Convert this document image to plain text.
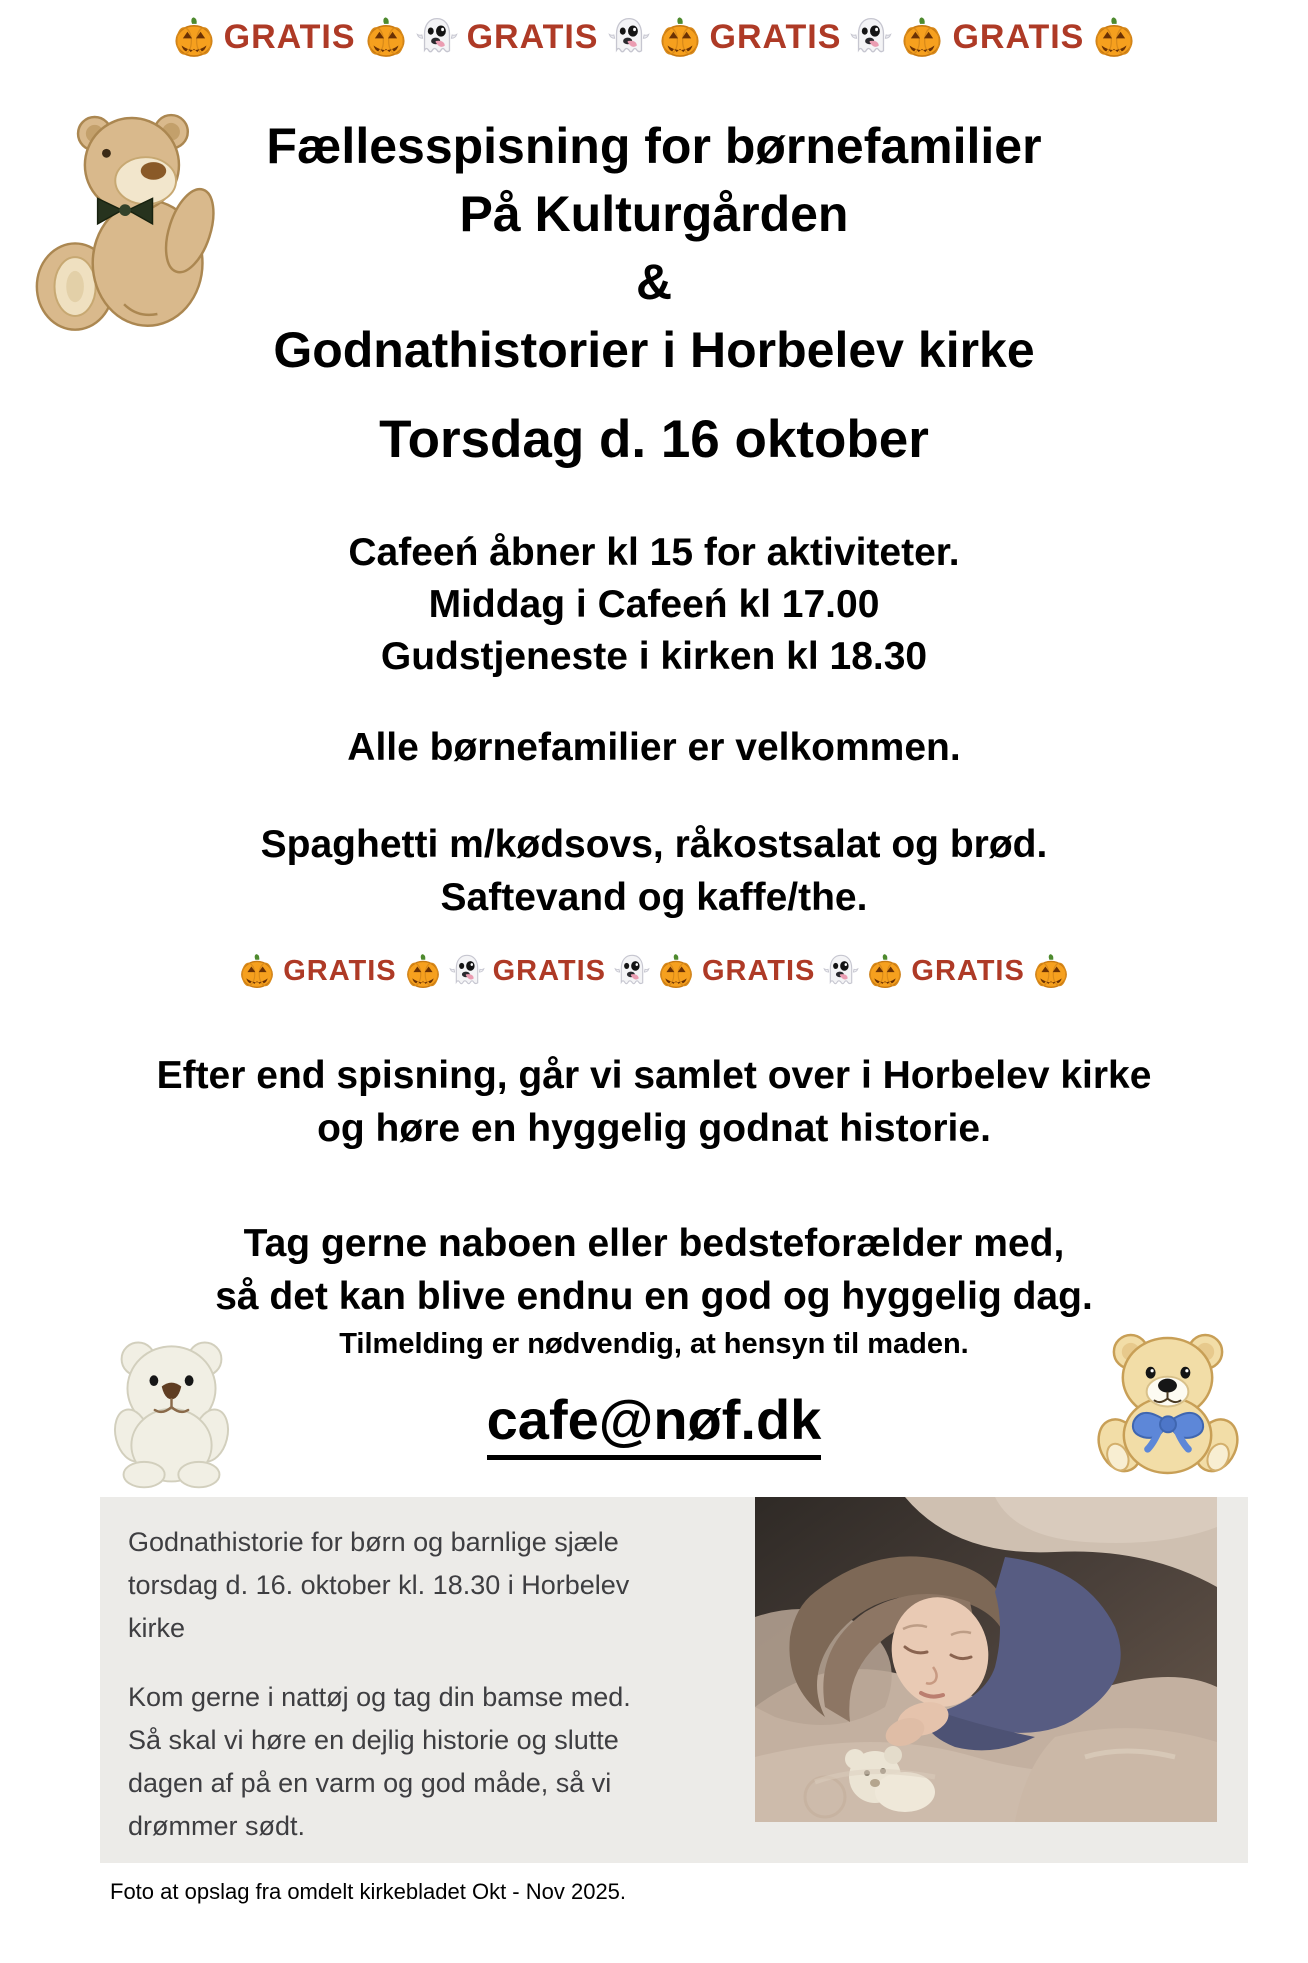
GRATIS	GRATIS	GRATIS	GRATIS
Fællesspisning for børnefamilier
På Kulturgården
&
Godnathistorier i Horbelev kirke
Torsdag d. 16 oktober
Cafeeń åbner kl 15 for aktiviteter.
Middag i Cafeeń kl 17.00
Gudstjeneste i kirken kl 18.30
Alle børnefamilier er velkommen.
Spaghetti m/kødsovs, råkostsalat og brød.
Saftevand og kaffe/the.
GRATIS	GRATIS	GRATIS	GRATIS
Efter end spisning, går vi samlet over i Horbelev kirke
og høre en hyggelig godnat historie.
Tag gerne naboen eller bedsteforælder med,
så det kan blive endnu en god og hyggelig dag.
Tilmelding er nødvendig, at hensyn til maden.
cafe@nøf.dk
Godnathistorie for børn og barnlige sjæle
torsdag d. 16. oktober kl. 18.30 i Horbelev
kirke
Kom gerne i nattøj og tag din bamse med.
Så skal vi høre en dejlig historie og slutte
dagen af på en varm og god måde, så vi
drømmer sødt.
Foto at opslag fra omdelt kirkebladet Okt - Nov 2025.
